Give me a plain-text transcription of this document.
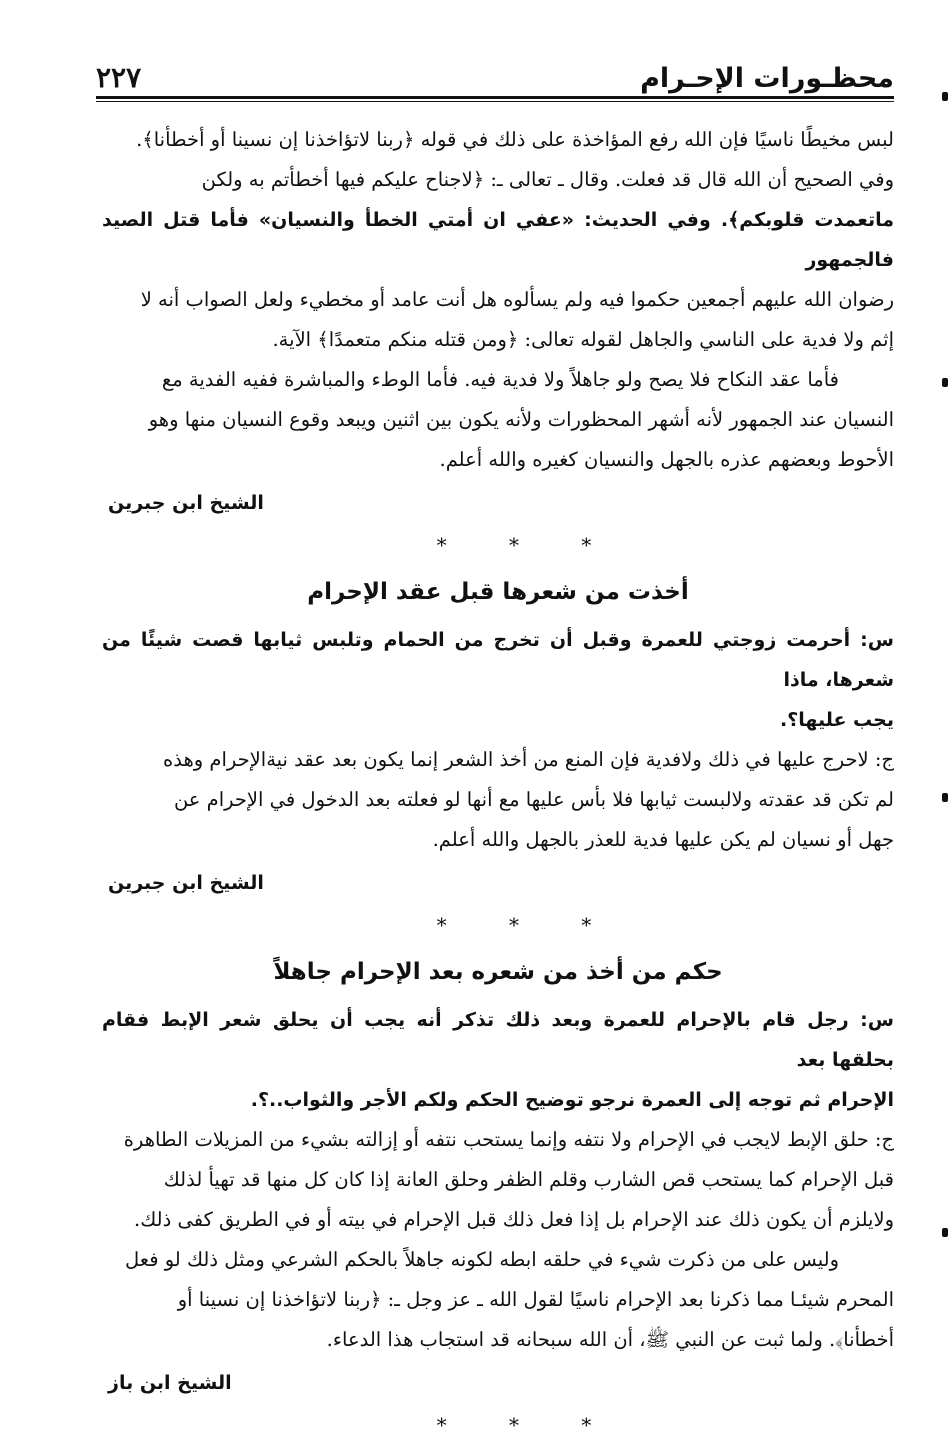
٢٢٧	محظـورات الإحـرام

لبس مخيطًا ناسيًا فإن الله رفع المؤاخذة على ذلك في قوله ﴿ربنا لاتؤاخذنا إن نسينا أو أخطأنا﴾.

وفي الصحيح أن الله قال قد فعلت. وقال ـ تعالى ـ: ﴿لاجناح عليكم فيها أخطأتم به ولكن

ماتعمدت قلوبكم﴾. وفي الحديث: «عفي ان أمتي الخطأ والنسيان» فأما قتل الصيد فالجمهور

رضوان الله عليهم أجمعين حكموا فيه ولم يسألوه هل أنت عامد أو مخطيء ولعل الصواب أنه لا

إثم ولا فدية على الناسي والجاهل لقوله تعالى: ﴿ومن قتله منكم متعمدًا﴾ الآية.

فأما عقد النكاح فلا يصح ولو جاهلاً ولا فدية فيه. فأما الوطء والمباشرة ففيه الفدية مع

النسيان عند الجمهور لأنه أشهر المحظورات ولأنه يكون بين اثنين ويبعد وقوع النسيان منها وهو

الأحوط وبعضهم عذره بالجهل والنسيان كغيره والله أعلم.

الشيخ ابن جبرين

* * *

أخذت من شعرها قبل عقد الإحرام

س: أحرمت زوجتي للعمرة وقبل أن تخرج من الحمام وتلبس ثيابها قصت شيئًا من شعرها، ماذا

يجب عليها؟.

ج: لاحرج عليها في ذلك ولافدية فإن المنع من أخذ الشعر إنما يكون بعد عقد نيةالإحرام وهذه

لم تكن قد عقدته ولالبست ثيابها فلا بأس عليها مع أنها لو فعلته بعد الدخول في الإحرام عن

جهل أو نسيان لم يكن عليها فدية للعذر بالجهل والله أعلم.

الشيخ ابن جبرين

* * *

حكم من أخذ من شعره بعد الإحرام جاهلاً

س: رجل قام بالإحرام للعمرة وبعد ذلك تذكر أنه يجب أن يحلق شعر الإبط فقام بحلقها بعد

الإحرام ثم توجه إلى العمرة نرجو توضيح الحكم ولكم الأجر والثواب..؟.

ج: حلق الإبط لايجب في الإحرام ولا نتفه وإنما يستحب نتفه أو إزالته بشيء من المزيلات الطاهرة

قبل الإحرام كما يستحب قص الشارب وقلم الظفر وحلق العانة إذا كان كل منها قد تهيأ لذلك

ولايلزم أن يكون ذلك عند الإحرام بل إذا فعل ذلك قبل الإحرام في بيته أو في الطريق كفى ذلك.

وليس على من ذكرت شيء في حلقه ابطه لكونه جاهلاً بالحكم الشرعي ومثل ذلك لو فعل

المحرم شيئـا مما ذكرنا بعد الإحرام ناسيًا لقول الله ـ عز وجل ـ: ﴿ربنا لاتؤاخذنا إن نسينا أو

أخطأنا﴾. ولما ثبت عن النبي ﷺ، أن الله سبحانه قد استجاب هذا الدعاء.

الشيخ ابن باز

* * *
